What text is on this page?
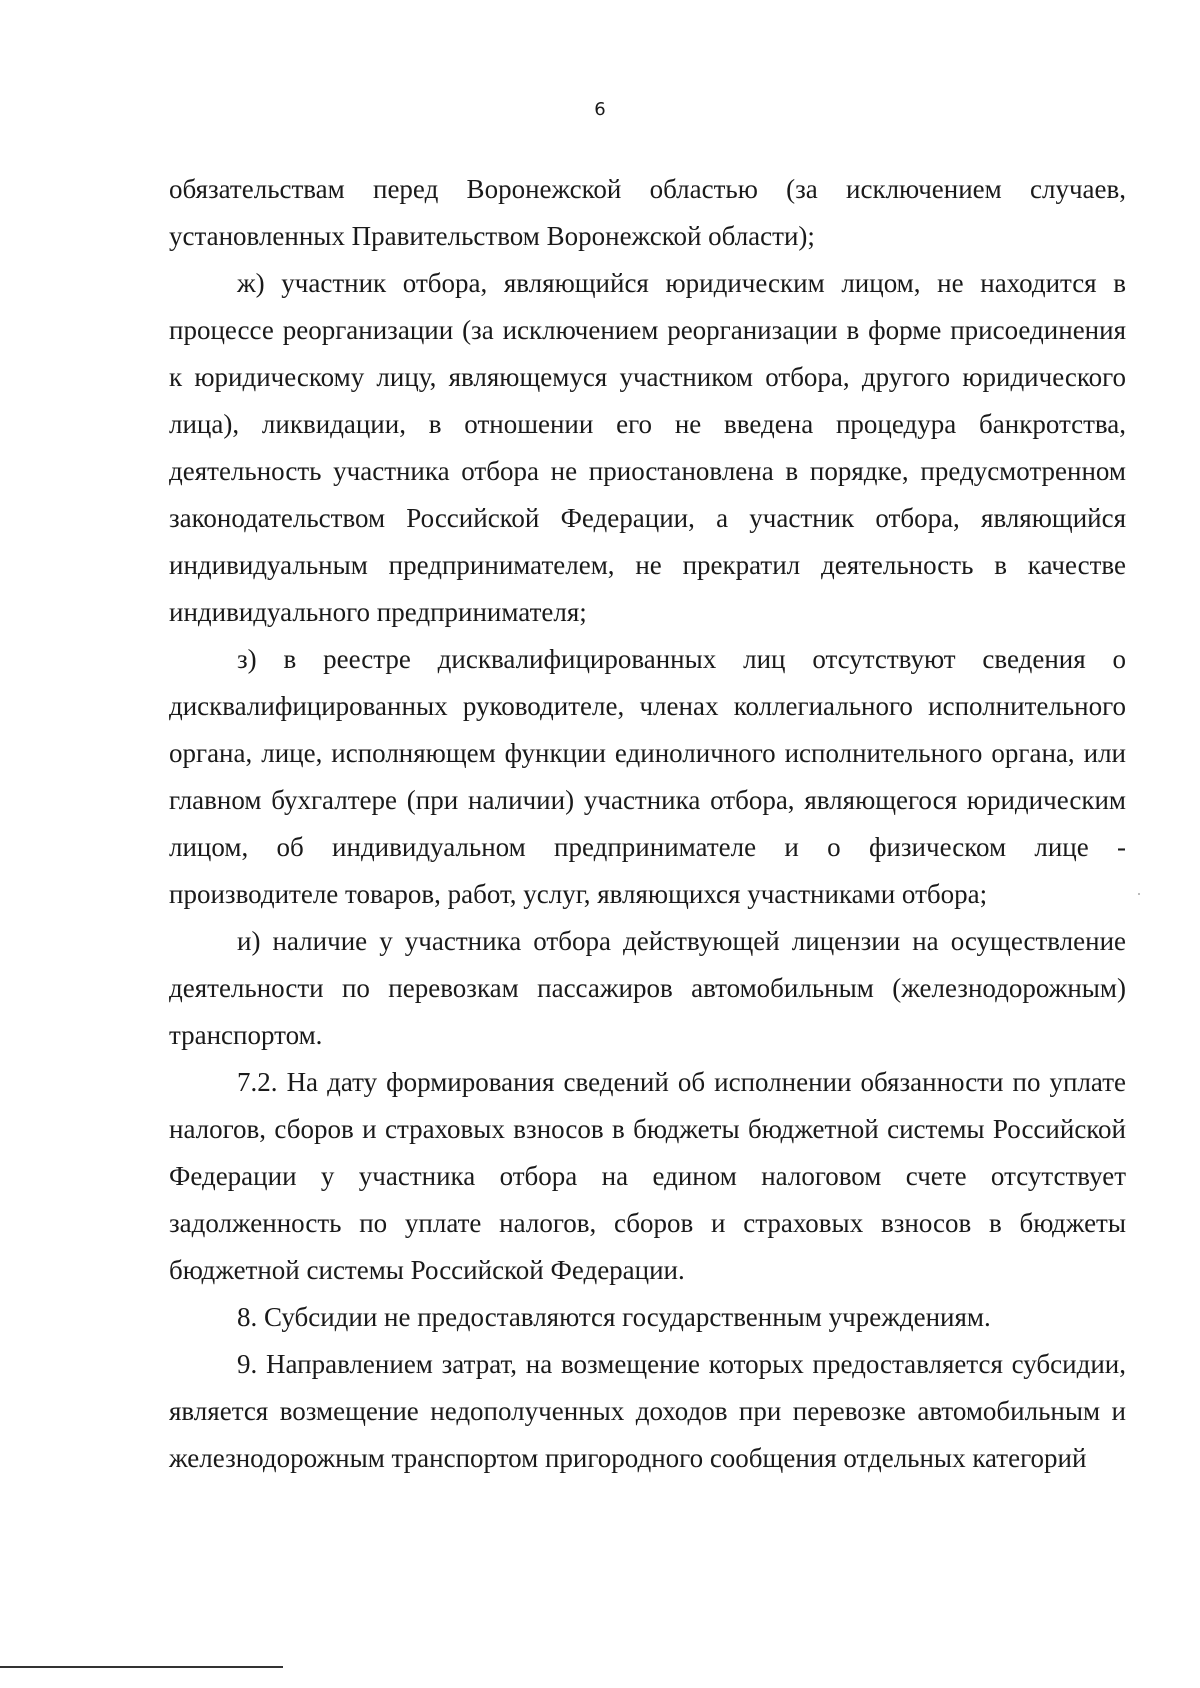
6

обязательствам перед Воронежской областью (за исключением случаев, установленных Правительством Воронежской области);

ж) участник отбора, являющийся юридическим лицом, не находится в процессе реорганизации (за исключением реорганизации в форме присоединения к юридическому лицу, являющемуся участником отбора, другого юридического лица), ликвидации, в отношении его не введена процедура банкротства, деятельность участника отбора не приостановлена в порядке, предусмотренном законодательством Российской Федерации, а участник отбора, являющийся индивидуальным предпринимателем, не прекратил деятельность в качестве индивидуального предпринимателя;

з) в реестре дисквалифицированных лиц отсутствуют сведения о дисквалифицированных руководителе, членах коллегиального исполнительного органа, лице, исполняющем функции единоличного исполнительного органа, или главном бухгалтере (при наличии) участника отбора, являющегося юридическим лицом, об индивидуальном предпринимателе и о физическом лице - производителе товаров, работ, услуг, являющихся участниками отбора;

и) наличие у участника отбора действующей лицензии на осуществление деятельности по перевозкам пассажиров автомобильным (железнодорожным) транспортом.

7.2. На дату формирования сведений об исполнении обязанности по уплате налогов, сборов и страховых взносов в бюджеты бюджетной системы Российской Федерации у участника отбора на едином налоговом счете отсутствует задолженность по уплате налогов, сборов и страховых взносов в бюджеты бюджетной системы Российской Федерации.

8. Субсидии не предоставляются государственным учреждениям.

9. Направлением затрат, на возмещение которых предоставляется субсидии, является возмещение недополученных доходов при перевозке автомобильным и железнодорожным транспортом пригородного сообщения отдельных категорий
